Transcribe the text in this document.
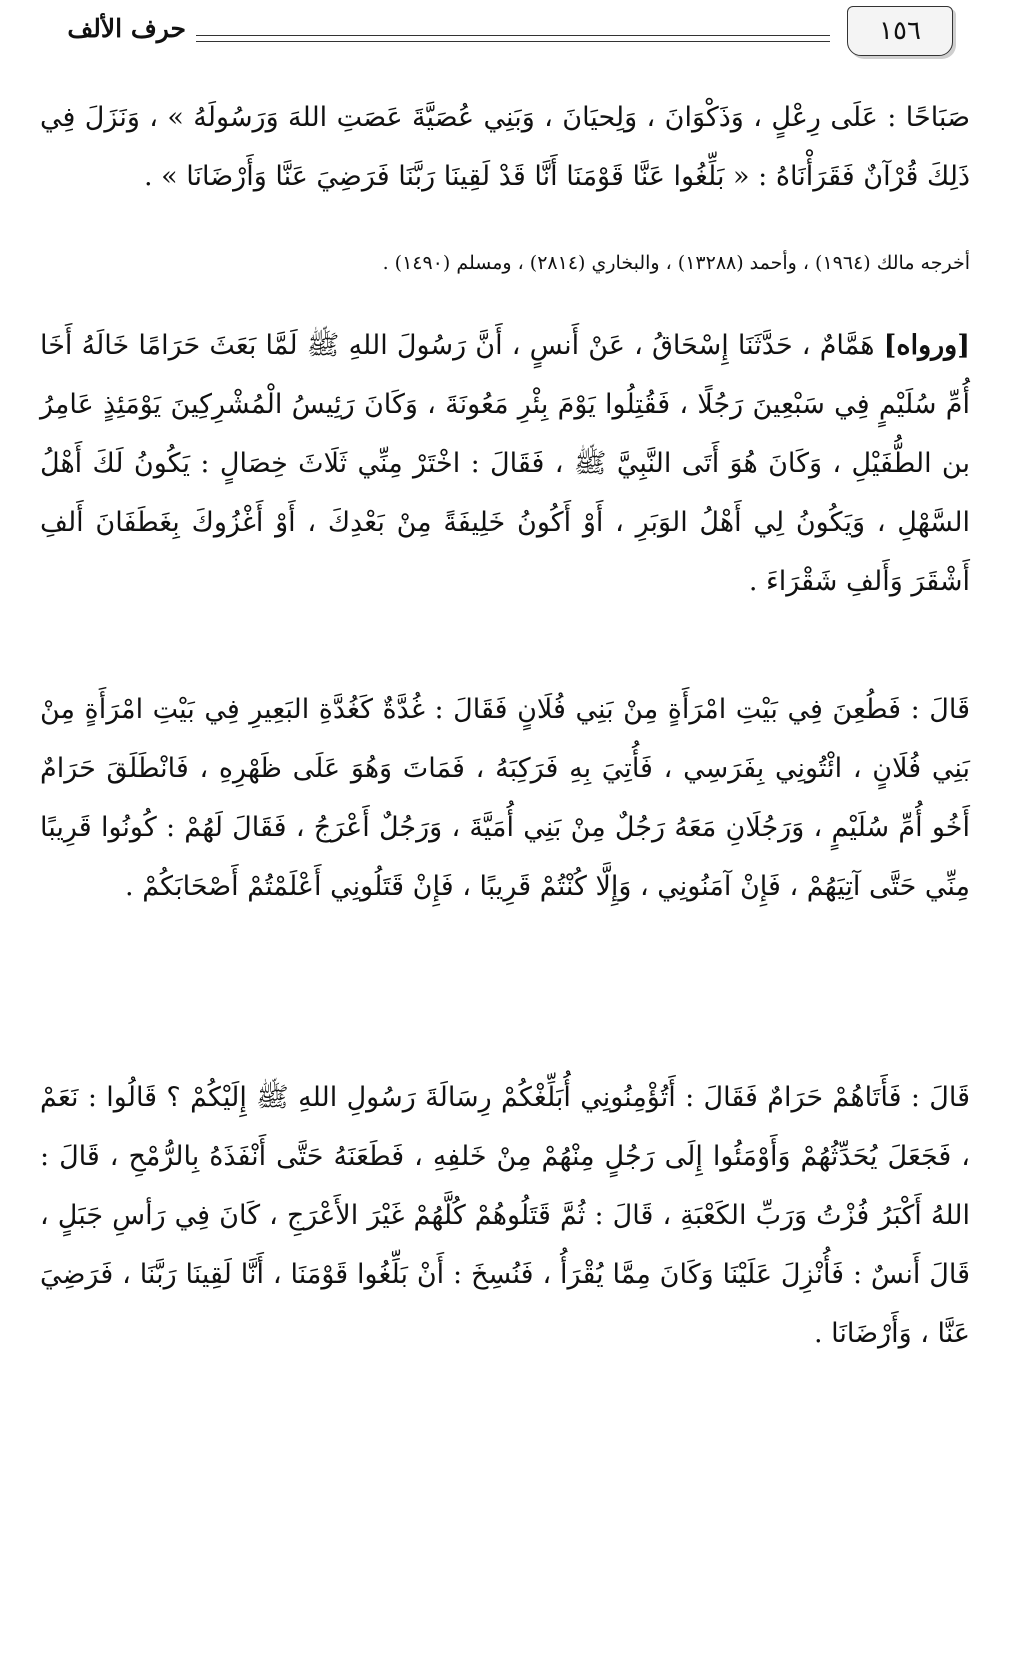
١٥٦
حرف الألف
صَبَاحًا : عَلَى رِعْلٍ ، وَذَكْوَانَ ، وَلِحيَانَ ، وَبَنِي عُصَيَّةَ عَصَتِ اللهَ وَرَسُولَهُ » ، وَنَزَلَ فِي ذَلِكَ قُرْآنٌ فَقَرَأْنَاهُ : « بَلِّغُوا عَنَّا قَوْمَنَا أَنَّا قَدْ لَقِينَا رَبَّنَا فَرَضِيَ عَنَّا وَأَرْضَانَا » .
أخرجه مالك (١٩٦٤) ، وأحمد (١٣٢٨٨) ، والبخاري (٢٨١٤) ، ومسلم (١٤٩٠) .
[ورواه] هَمَّامٌ ، حَدَّثَنَا إِسْحَاقُ ، عَنْ أَنسٍ ، أَنَّ رَسُولَ اللهِ ﷺ لَمَّا بَعَثَ حَرَامًا خَالَهُ أَخَا أُمِّ سُلَيْمٍ فِي سَبْعِينَ رَجُلًا ، فَقُتِلُوا يَوْمَ بِئْرِ مَعُونَةَ ، وَكَانَ رَئِيسُ الْمُشْرِكِينَ يَوْمَئِذٍ عَامِرُ بن الطُّفَيْلِ ، وَكَانَ هُوَ أَتَى النَّبِيَّ ﷺ ، فَقَالَ : اخْتَرْ مِنِّي ثَلَاثَ خِصَالٍ : يَكُونُ لَكَ أَهْلُ السَّهْلِ ، وَيَكُونُ لِي أَهْلُ الوَبَرِ ، أَوْ أَكُونُ خَلِيفَةً مِنْ بَعْدِكَ ، أَوْ أَغْزُوكَ بِغَطَفَانَ أَلفِ أَشْقَرَ وَأَلفِ شَقْرَاءَ .
قَالَ : فَطُعِنَ فِي بَيْتِ امْرَأَةٍ مِنْ بَنِي فُلَانٍ فَقَالَ : غُدَّةٌ كَغُدَّةِ البَعِيرِ فِي بَيْتِ امْرَأَةٍ مِنْ بَنِي فُلَانٍ ، ائْتُونِي بِفَرَسِي ، فَأُتِيَ بِهِ فَرَكِبَهُ ، فَمَاتَ وَهُوَ عَلَى ظَهْرِهِ ، فَانْطَلَقَ حَرَامٌ أَخُو أُمِّ سُلَيْمٍ ، وَرَجُلَانِ مَعَهُ رَجُلٌ مِنْ بَنِي أُمَيَّةَ ، وَرَجُلٌ أَعْرَجُ ، فَقَالَ لَهُمْ : كُونُوا قَرِيبًا مِنِّي حَتَّى آتِيَهُمْ ، فَإِنْ آمَنُونِي ، وَإِلَّا كُنْتُمْ قَرِيبًا ، فَإِنْ قَتَلُونِي أَعْلَمْتُمْ أَصْحَابَكُمْ .
قَالَ : فَأَتَاهُمْ حَرَامٌ فَقَالَ : أَتُؤْمِنُونِي أُبَلِّغْكُمْ رِسَالَةَ رَسُولِ اللهِ ﷺ إِلَيْكُمْ ؟ قَالُوا : نَعَمْ ، فَجَعَلَ يُحَدِّثُهُمْ وَأَوْمَئُوا إِلَى رَجُلٍ مِنْهُمْ مِنْ خَلفِهِ ، فَطَعَنَهُ حَتَّى أَنْفَذَهُ بِالرُّمْحِ ، قَالَ : اللهُ أَكْبَرُ فُزْتُ وَرَبِّ الكَعْبَةِ ، قَالَ : ثُمَّ قَتَلُوهُمْ كُلَّهُمْ غَيْرَ الأَعْرَجِ ، كَانَ فِي رَأسِ جَبَلٍ ، قَالَ أَنسٌ : فَأُنْزِلَ عَلَيْنَا وَكَانَ مِمَّا يُقْرَأُ ، فَنُسِخَ : أَنْ بَلِّغُوا قَوْمَنَا ، أَنَّا لَقِينَا رَبَّنَا ، فَرَضِيَ عَنَّا ، وَأَرْضَانَا .
